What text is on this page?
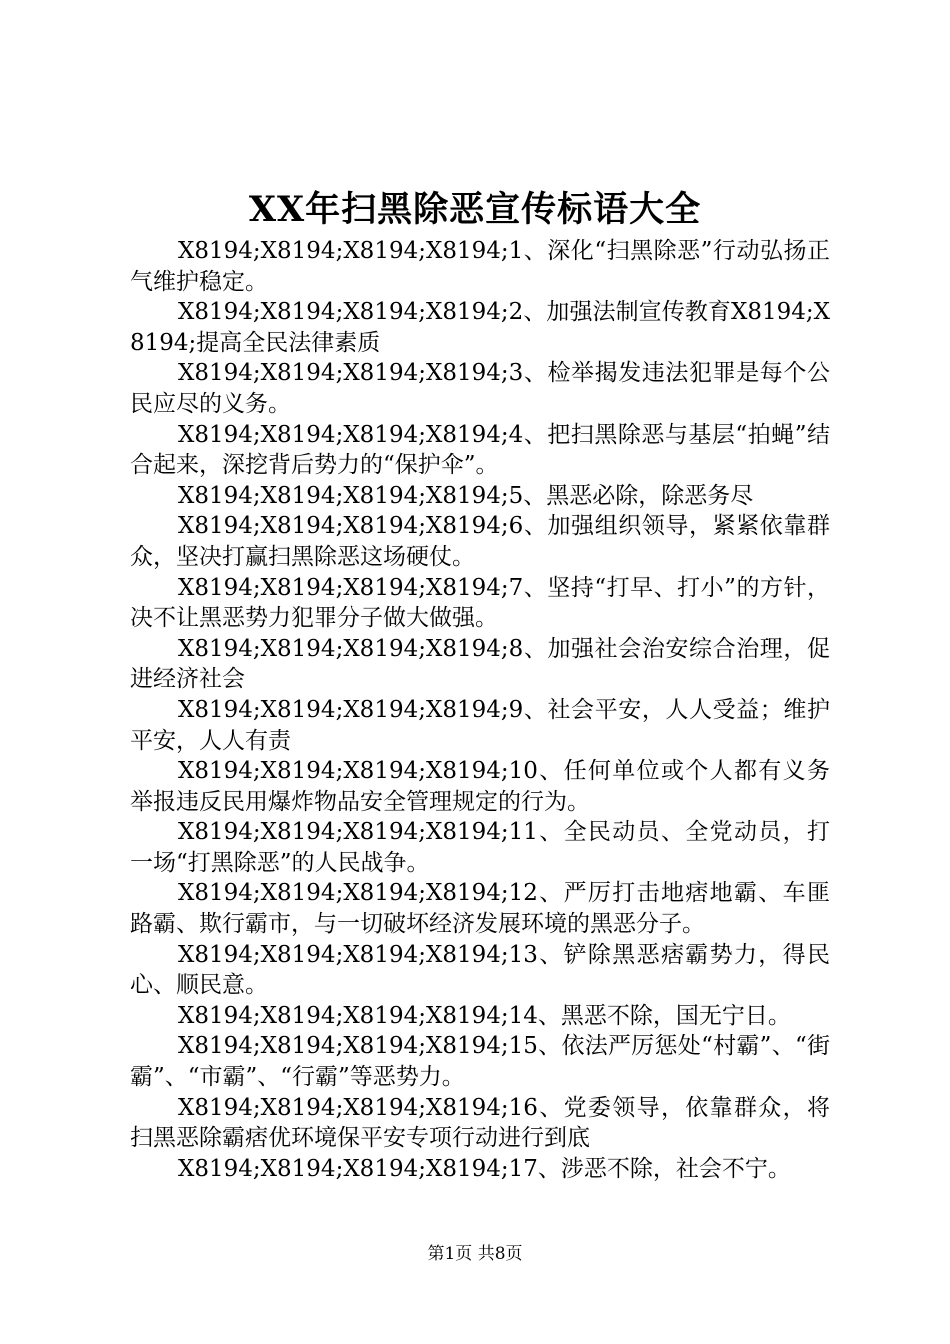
XX年扫黑除恶宣传标语大全

X8194;X8194;X8194;X8194;1、深化“扫黑除恶”行动弘扬正气维护稳定。

X8194;X8194;X8194;X8194;2、加强法制宣传教育X8194;X8194;提高全民法律素质

X8194;X8194;X8194;X8194;3、检举揭发违法犯罪是每个公民应尽的义务。

X8194;X8194;X8194;X8194;4、把扫黑除恶与基层“拍蝇”结合起来，深挖背后势力的“保护伞”。

X8194;X8194;X8194;X8194;5、黑恶必除，除恶务尽

X8194;X8194;X8194;X8194;6、加强组织领导，紧紧依靠群众，坚决打赢扫黑除恶这场硬仗。

X8194;X8194;X8194;X8194;7、坚持“打早、打小”的方针，决不让黑恶势力犯罪分子做大做强。

X8194;X8194;X8194;X8194;8、加强社会治安综合治理，促进经济社会

X8194;X8194;X8194;X8194;9、社会平安，人人受益；维护平安，人人有责

X8194;X8194;X8194;X8194;10、任何单位或个人都有义务举报违反民用爆炸物品安全管理规定的行为。

X8194;X8194;X8194;X8194;11、全民动员、全党动员，打一场“打黑除恶”的人民战争。

X8194;X8194;X8194;X8194;12、严厉打击地痞地霸、车匪路霸、欺行霸市，与一切破坏经济发展环境的黑恶分子。

X8194;X8194;X8194;X8194;13、铲除黑恶痞霸势力，得民心、顺民意。

X8194;X8194;X8194;X8194;14、黑恶不除，国无宁日。

X8194;X8194;X8194;X8194;15、依法严厉惩处“村霸”、“街霸”、“市霸”、“行霸”等恶势力。

X8194;X8194;X8194;X8194;16、党委领导，依靠群众，将扫黑恶除霸痞优环境保平安专项行动进行到底

X8194;X8194;X8194;X8194;17、涉恶不除，社会不宁。

第1页 共8页
